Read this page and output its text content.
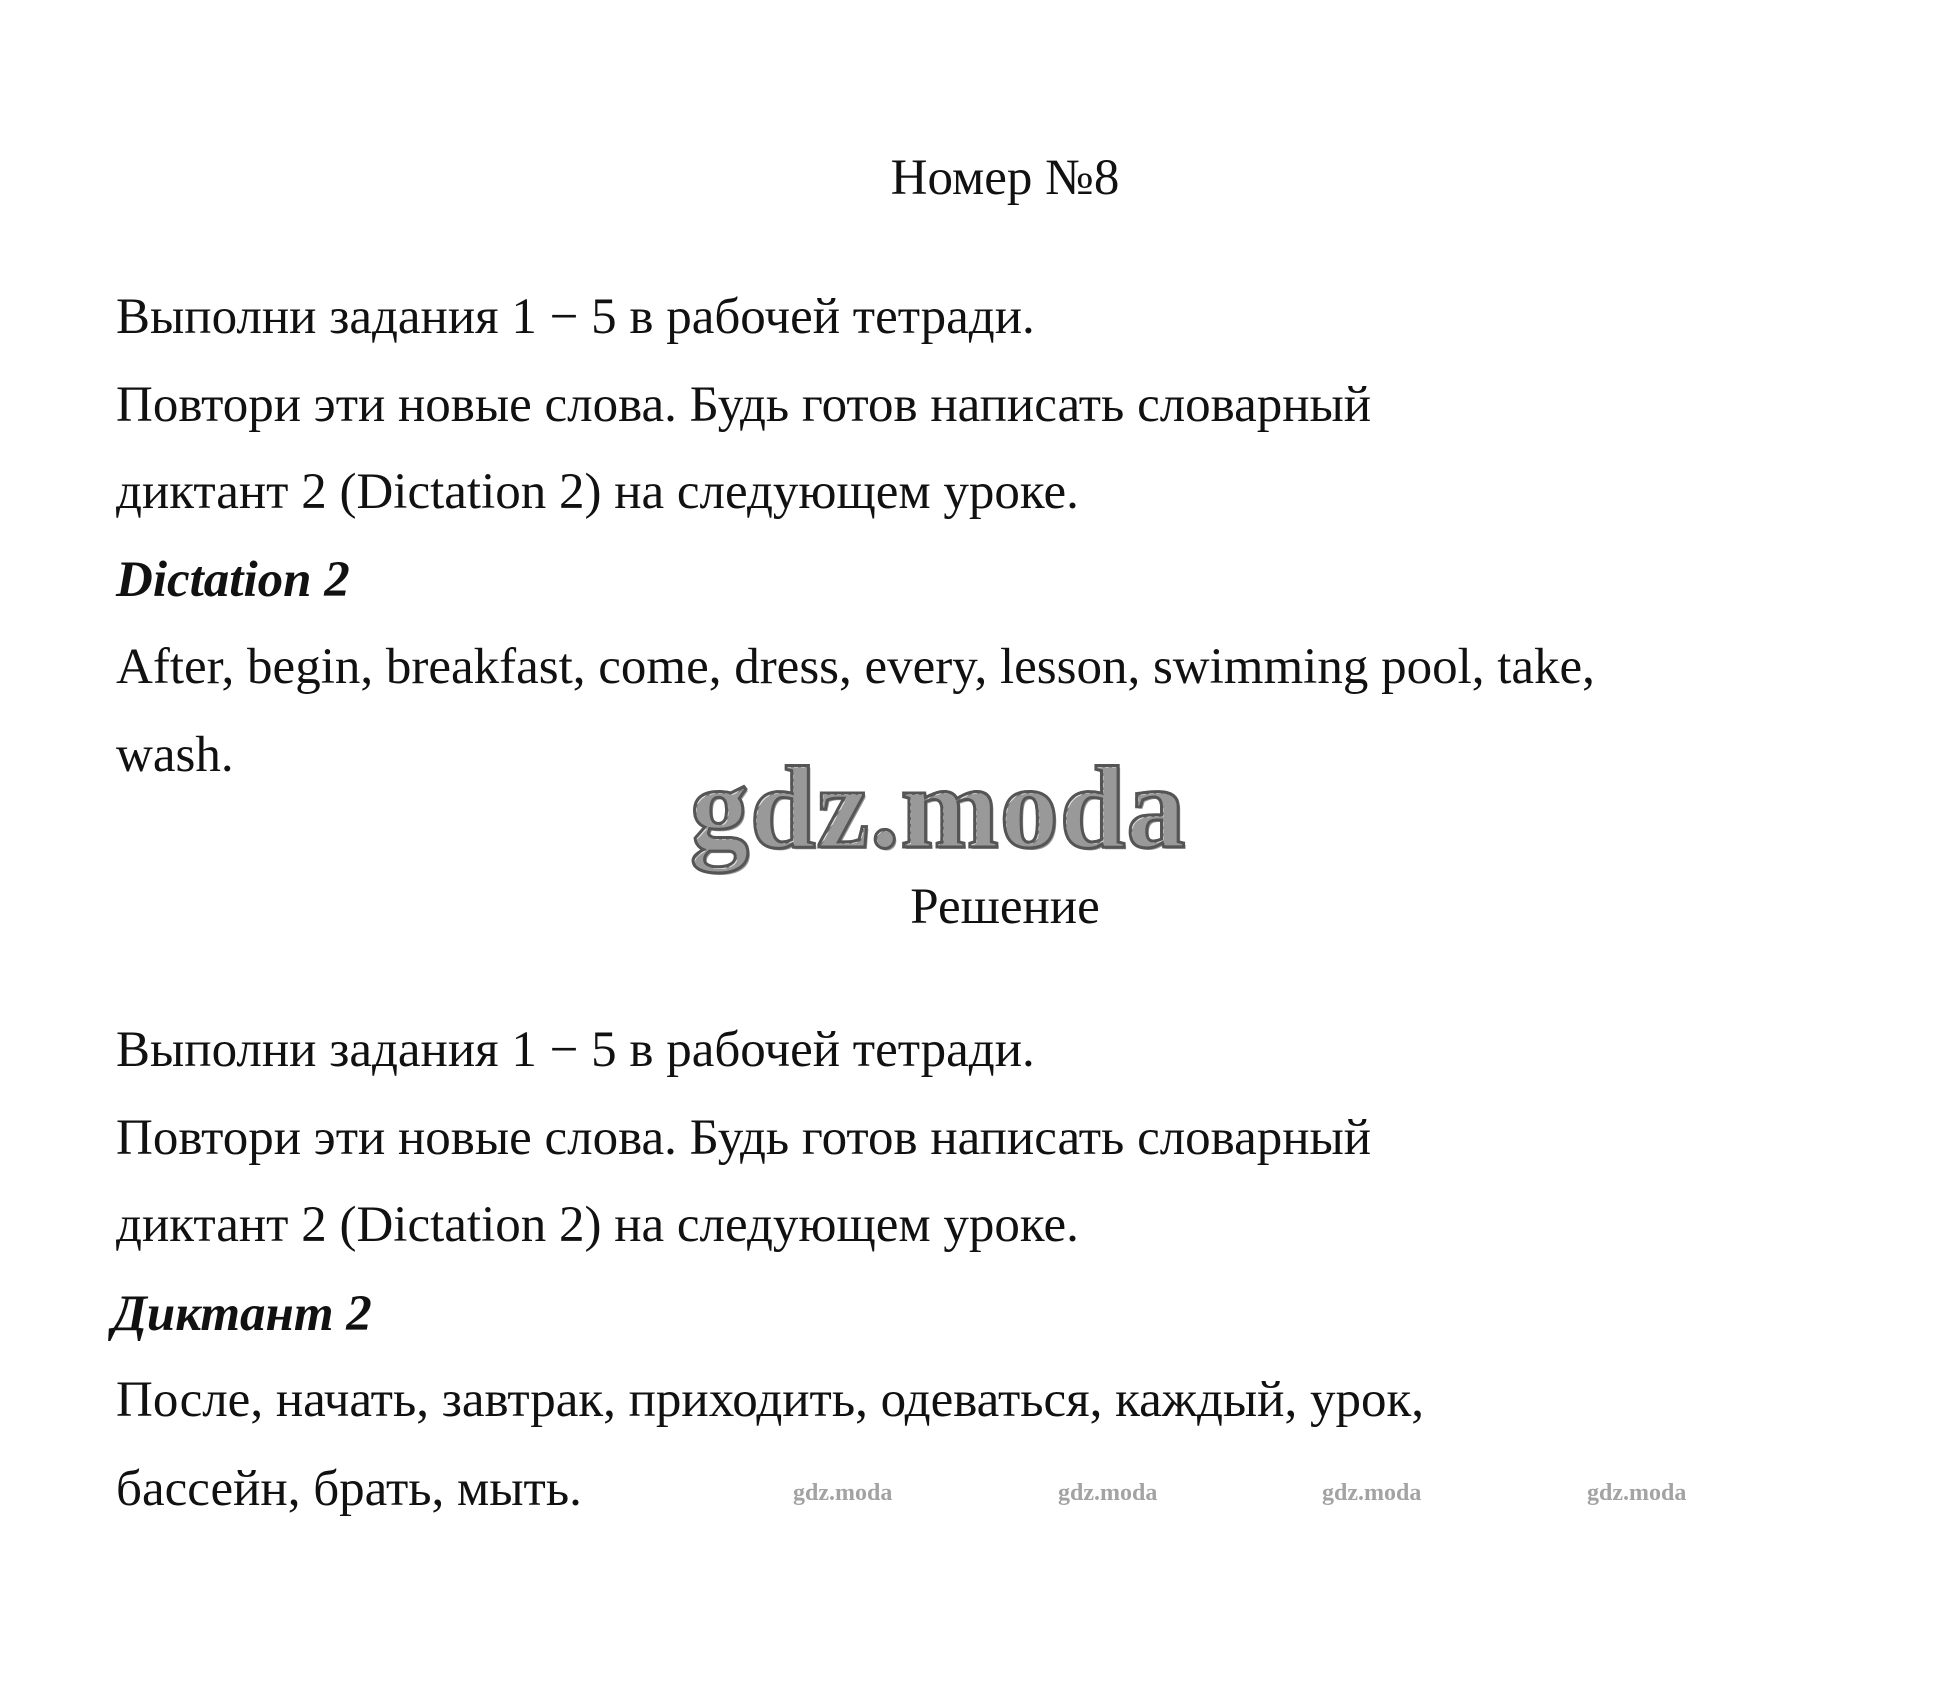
Номер №8
Выполни задания 1 − 5 в рабочей тетради.
Повтори эти новые слова. Будь готов написать словарный
диктант 2 (Dictation 2) на следующем уроке.
Dictation 2
After, begin, breakfast, come, dress, every, lesson, swimming pool, take,
wash.	gdz.moda
Решение
Выполни задания 1 − 5 в рабочей тетради.
Повтори эти новые слова. Будь готов написать словарный
диктант 2 (Dictation 2) на следующем уроке.
Диктант 2
После, начать, завтрак, приходить, одеваться, каждый, урок,
бассейн, брать, мыть.	gdz.moda	gdz.moda	gdz.moda	gdz.moda
